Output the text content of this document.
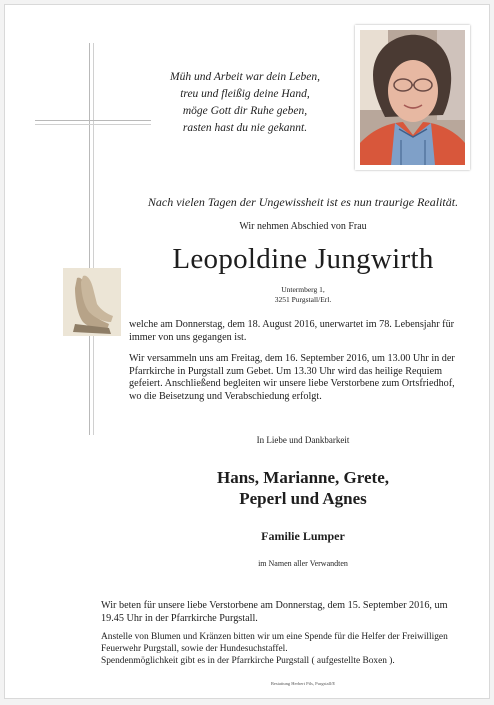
Müh und Arbeit war dein Leben,
treu und fleißig deine Hand,
möge Gott dir Ruhe geben,
rasten hast du nie gekannt.
Nach vielen Tagen der Ungewissheit ist es nun traurige Realität.
Wir nehmen Abschied von Frau
Leopoldine Jungwirth
Untermberg 1,
3251 Purgstall/Erl.
welche am Donnerstag, dem 18. August 2016, unerwartet im 78. Lebensjahr für immer von uns gegangen ist.
Wir versammeln uns am Freitag, dem 16. September 2016, um 13.00 Uhr in der Pfarrkirche in Purgstall zum Gebet. Um 13.30 Uhr wird das heilige Requiem gefeiert. Anschließend begleiten wir unsere liebe Verstorbene zum Ortsfriedhof, wo die Beisetzung und Verabschiedung erfolgt.
In Liebe und Dankbarkeit
Hans, Marianne, Grete,
Peperl und Agnes
Familie Lumper
im Namen aller Verwandten
Wir beten für unsere liebe Verstorbene am Donnerstag, dem 15. September 2016, um 19.45 Uhr in der Pfarrkirche Purgstall.
Anstelle von Blumen und Kränzen bitten wir um eine Spende für die Helfer der Freiwilligen Feuerwehr Purgstall, sowie der Hundesuchstaffel.
Spendenmöglichkeit gibt es in der Pfarrkirche Purgstall ( aufgestellte Boxen ).
Bestattung Herbert Pils, Purgstall/E
